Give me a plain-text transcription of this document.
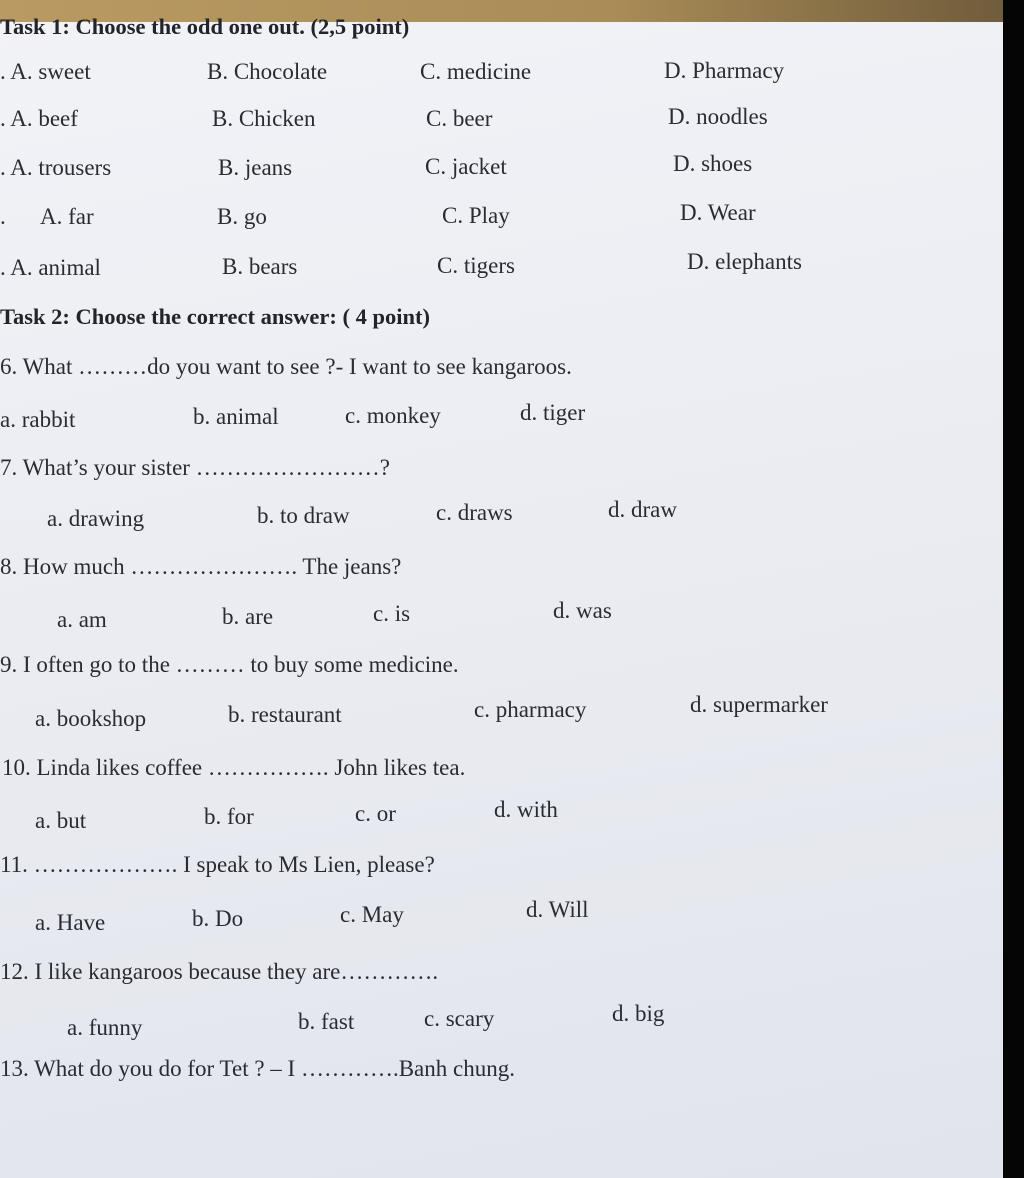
Task 1: Choose the odd one out. (2,5 point)
. A. sweet	B. Chocolate	C. medicine	D. Pharmacy
. A. beef	B. Chicken	C. beer	D. noodles
. A. trousers	B. jeans	C. jacket	D. shoes
. A. far	B. go	C. Play	D. Wear
. A. animal	B. bears	C. tigers	D. elephants
Task 2: Choose the correct answer: ( 4 point)
6. What ………do you want to see ?- I want to see kangaroos.
a. rabbit	b. animal	c. monkey	d. tiger
7. What’s your sister ……………………?
a. drawing	b. to draw	c. draws	d. draw
8. How much …………………. The jeans?
a. am	b. are	c. is	d. was
9. I often go to the ……… to buy some medicine.
a. bookshop	b. restaurant	c. pharmacy	d. supermarker
10. Linda likes coffee ……………. John likes tea.
a. but	b. for	c. or	d. with
11. ………………. I speak to Ms Lien, please?
a. Have	b. Do	c. May	d. Will
12. I like kangaroos because they are………….
a. funny	b. fast	c. scary	d. big
13. What do you do for Tet ? – I ………….Banh chung.
